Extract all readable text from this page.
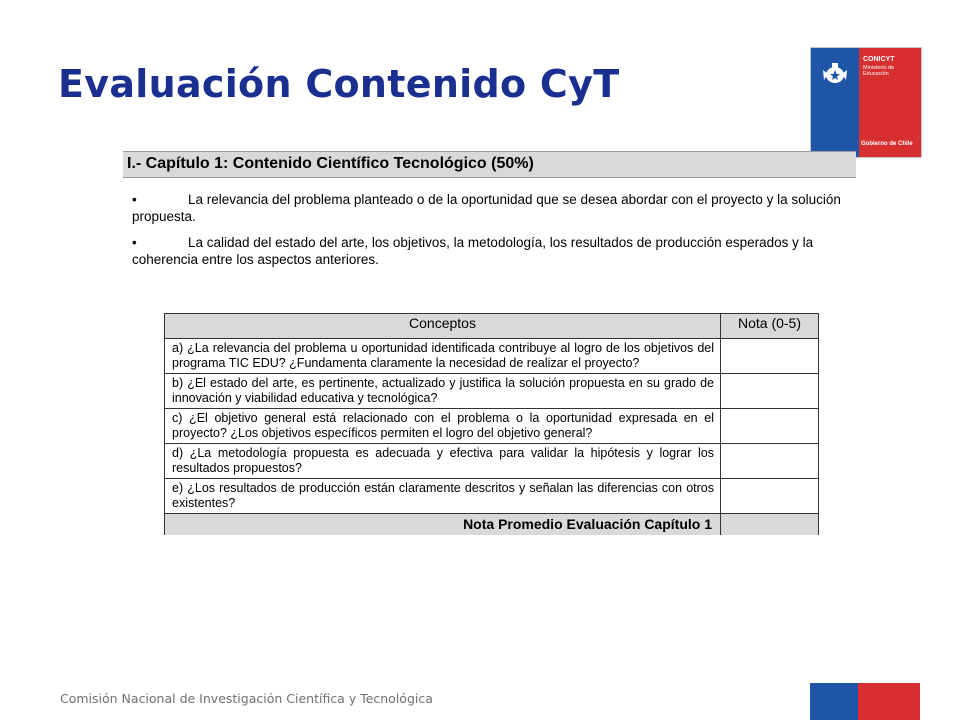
Evaluación Contenido CyT
CONICYT
Ministerio de Educación
Gobierno de Chile
I.- Capítulo 1: Contenido Científico Tecnológico (50%)

•	La relevancia del problema planteado o de la oportunidad que se desea abordar con el proyecto y la solución propuesta.

•	La calidad del estado del arte, los objetivos, la metodología, los resultados de producción esperados y la coherencia entre los aspectos anteriores.

Conceptos	Nota (0-5)
a) ¿La relevancia del problema u oportunidad identificada contribuye al logro de los objetivos del programa TIC EDU? ¿Fundamenta claramente la necesidad de realizar el proyecto?	
b) ¿El estado del arte, es pertinente, actualizado y justifica la solución propuesta en su grado de innovación y viabilidad educativa y tecnológica?	
c) ¿El objetivo general está relacionado con el problema o la oportunidad expresada en el proyecto? ¿Los objetivos específicos permiten el logro del objetivo general?	
d) ¿La metodología propuesta es adecuada y efectiva para validar la hipótesis y lograr los resultados propuestos?	
e) ¿Los resultados de producción están claramente descritos y señalan las diferencias con otros existentes?	
Nota Promedio Evaluación Capítulo 1	
Comisión Nacional de Investigación Científica y Tecnológica
